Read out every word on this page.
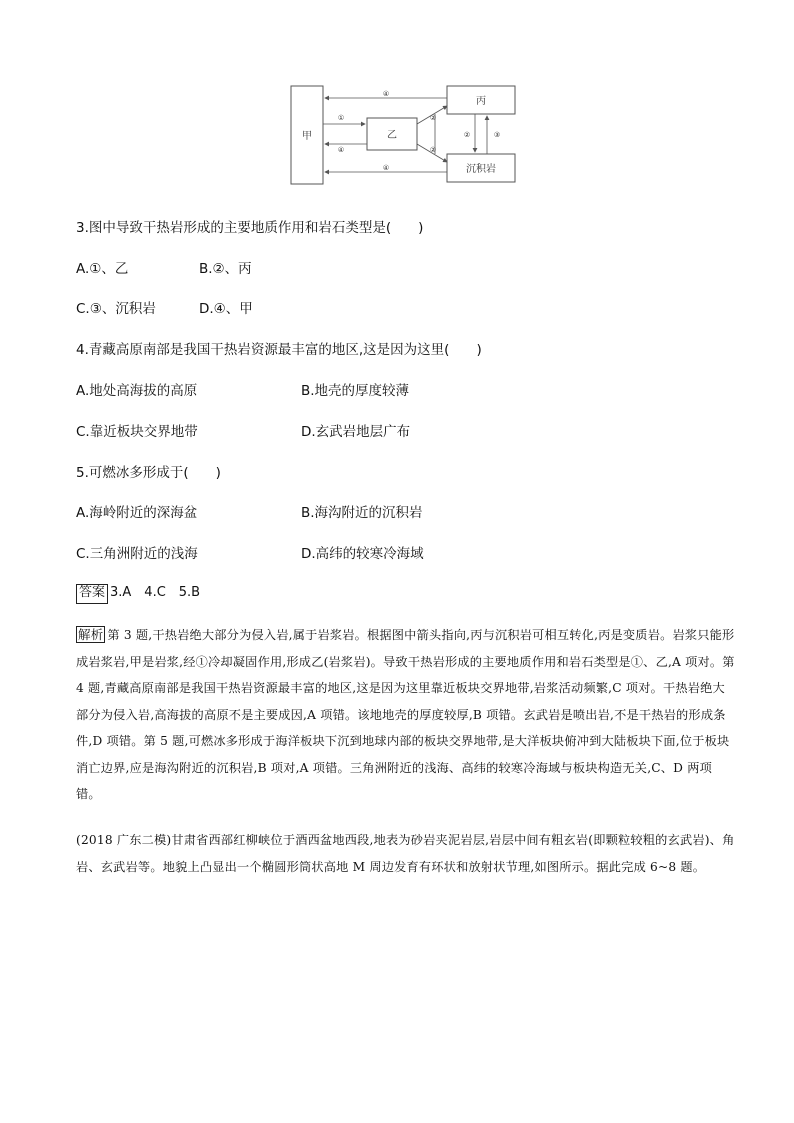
甲	乙
丙
沉积岩
④
④
①
④
②
②
②	③
3.图中导致干热岩形成的主要地质作用和岩石类型是(　　)
A.①、乙	B.②、丙
C.③、沉积岩	D.④、甲
4.青藏高原南部是我国干热岩资源最丰富的地区,这是因为这里(　　)
A.地处高海拔的高原	B.地壳的厚度较薄
C.靠近板块交界地带	D.玄武岩地层广布
5.可燃冰多形成于(　　)
A.海岭附近的深海盆	B.海沟附近的沉积岩
C.三角洲附近的浅海	D.高纬的较寒冷海域
答案 3.A　4.C　5.B

解析 第 3 题,干热岩绝大部分为侵入岩,属于岩浆岩。根据图中箭头指向,丙与沉积岩可相互转化,丙是变质岩。岩浆只能形成岩浆岩,甲是岩浆,经①冷却凝固作用,形成乙(岩浆岩)。导致干热岩形成的主要地质作用和岩石类型是①、乙,A 项对。第 4 题,青藏高原南部是我国干热岩资源最丰富的地区,这是因为这里靠近板块交界地带,岩浆活动频繁,C 项对。干热岩绝大部分为侵入岩,高海拔的高原不是主要成因,A 项错。该地地壳的厚度较厚,B 项错。玄武岩是喷出岩,不是干热岩的形成条件,D 项错。第 5 题,可燃冰多形成于海洋板块下沉到地球内部的板块交界地带,是大洋板块俯冲到大陆板块下面,位于板块消亡边界,应是海沟附近的沉积岩,B 项对,A 项错。三角洲附近的浅海、高纬的较寒冷海域与板块构造无关,C、D 两项错。

(2018 广东二模)甘肃省西部红柳峡位于酒西盆地西段,地表为砂岩夹泥岩层,岩层中间有粗玄岩(即颗粒较粗的玄武岩)、角岩、玄武岩等。地貌上凸显出一个椭圆形筒状高地 M 周边发育有环状和放射状节理,如图所示。据此完成 6~8 题。
